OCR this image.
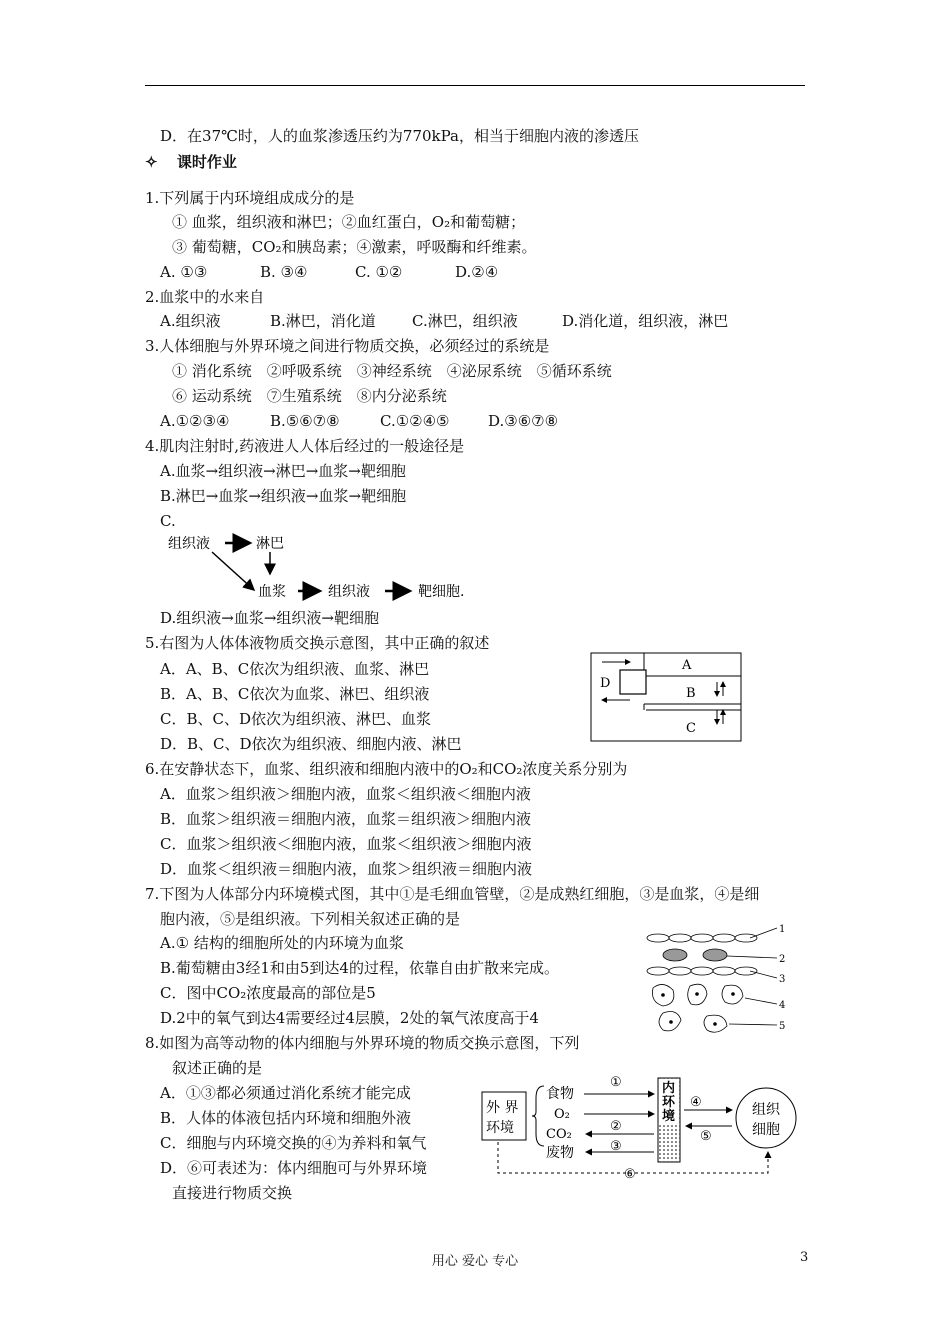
D．在37℃时，人的血浆渗透压约为770kPa，相当于细胞内液的渗透压
✧ 课时作业
1.下列属于内环境组成成分的是
① 血浆，组织液和淋巴；②血红蛋白，O₂和葡萄糖；
③ 葡萄糖，CO₂和胰岛素；④激素，呼吸酶和纤维素。
A. ①③	B. ③④	C. ①②	D.②④
2.血浆中的水来自
A.组织液	B.淋巴，消化道 C.淋巴，组织液	D.消化道，组织液，淋巴
3.人体细胞与外界环境之间进行物质交换，必须经过的系统是
① 消化系统　②呼吸系统　③神经系统　④泌尿系统　⑤循环系统
⑥ 运动系统　⑦生殖系统　⑧内分泌系统
A.①②③④	B.⑤⑥⑦⑧	C.①②④⑤	D.③⑥⑦⑧
4.肌肉注射时,药液进人人体后经过的一般途径是
A.血浆→组织液→淋巴→血浆→靶细胞
B.淋巴→血浆→组织液→血浆→靶细胞
C.
组织液	淋巴
血浆	组织液	靶细胞.
D.组织液→血浆→组织液→靶细胞
5.右图为人体体液物质交换示意图，其中正确的叙述
A．A、B、C依次为组织液、血浆、淋巴
B．A、B、C依次为血浆、淋巴、组织液
C．B、C、D依次为组织液、淋巴、血浆
D．B、C、D依次为组织液、细胞内液、淋巴
D
A
B
C
6.在安静状态下，血浆、组织液和细胞内液中的O₂和CO₂浓度关系分别为
A．血浆＞组织液＞细胞内液，血浆＜组织液＜细胞内液
B．血浆＞组织液＝细胞内液，血浆＝组织液＞细胞内液
C．血浆＞组织液＜细胞内液，血浆＜组织液＞细胞内液
D．血浆＜组织液＝细胞内液，血浆＞组织液＝细胞内液
7.下图为人体部分内环境模式图，其中①是毛细血管壁，②是成熟红细胞，③是血浆，④是细
胞内液，⑤是组织液。下列相关叙述正确的是
A.① 结构的细胞所处的内环境为血浆
B.葡萄糖由3经1和由5到达4的过程，依靠自由扩散来完成。
C．图中CO₂浓度最高的部位是5
D.2中的氧气到达4需要经过4层膜，2处的氧气浓度高于4
1
2
3
4
5
8.如图为高等动物的体内细胞与外界环境的物质交换示意图，下列
叙述正确的是
A．①③都必须通过消化系统才能完成
B．人体的体液包括内环境和细胞外液
C．细胞与内环境交换的④为养料和氧气
D．⑥可表述为：体内细胞可与外界环境
直接进行物质交换
外 界
环境
食物
O₂
CO₂
废物
①
②
③
内 环境
④
⑤
组织
细胞
⑥
用心 爱心 专心	3
